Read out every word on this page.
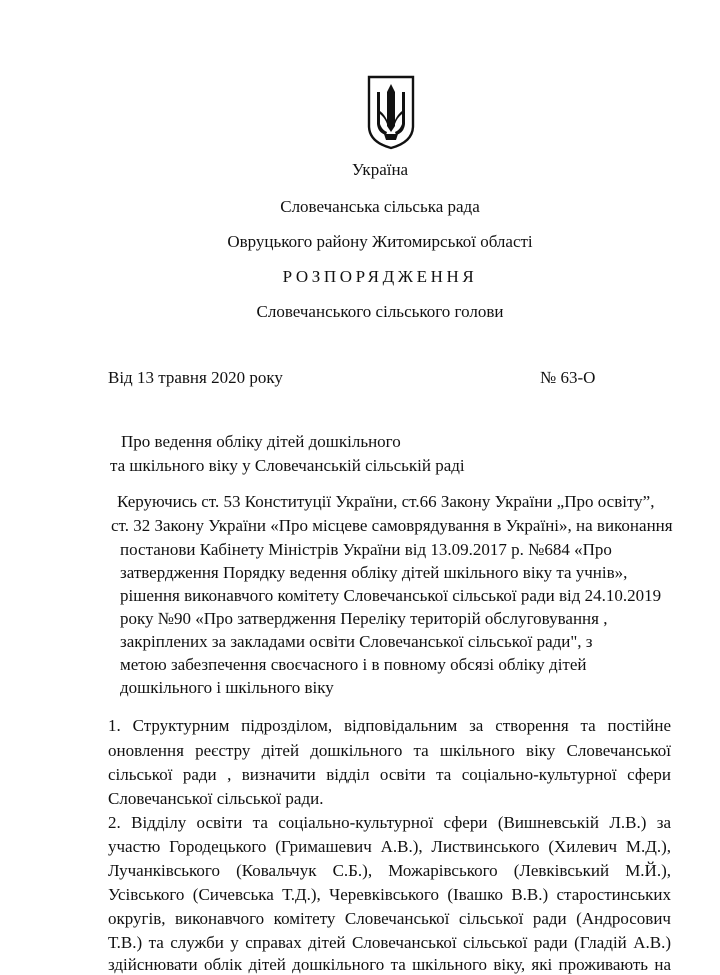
Україна
Словечанська сільська рада
Овруцького району Житомирської області
РОЗПОРЯДЖЕННЯ
Словечанського сільського голови
Від 13 травня 2020 року	№ 63-О
Про ведення обліку дітей дошкільного
та шкільного віку у Словечанській сільській раді
Керуючись ст. 53 Конституції України, ст.66 Закону України „Про освіту”,
ст. 32 Закону України «Про місцеве самоврядування в Україні», на виконання
постанови Кабінету Міністрів України від 13.09.2017 р. №684 «Про
затвердження Порядку ведення обліку дітей шкільного віку та учнів»,
рішення виконавчого комітету Словечанської сільської ради від 24.10.2019
року №90 «Про затвердження Переліку територій обслуговування ,
закріплених за закладами освіти Словечанської сільської ради", з
метою забезпечення своєчасного і в повному обсязі обліку дітей
дошкільного і шкільного віку
1. Структурним підрозділом, відповідальним за створення та постійне
оновлення реєстру дітей дошкільного та шкільного віку Словечанської
сільської ради , визначити відділ освіти та соціально-культурної сфери
Словечанської сільської ради.
2. Відділу освіти та соціально-культурної сфери (Вишневській Л.В.) за
участю Городецького (Гримашевич А.В.), Листвинського (Хилевич М.Д.),
Лучанківського (Ковальчук С.Б.), Можарівського (Левківський М.Й.),
Усівського (Сичевська Т.Д.), Черевківського (Івашко В.В.) старостинських
округів, виконавчого комітету Словечанської сільської ради (Андросович
Т.В.) та служби у справах дітей Словечанської сільської ради (Гладій А.В.)
здійснювати облік дітей дошкільного та шкільного віку, які проживають на
